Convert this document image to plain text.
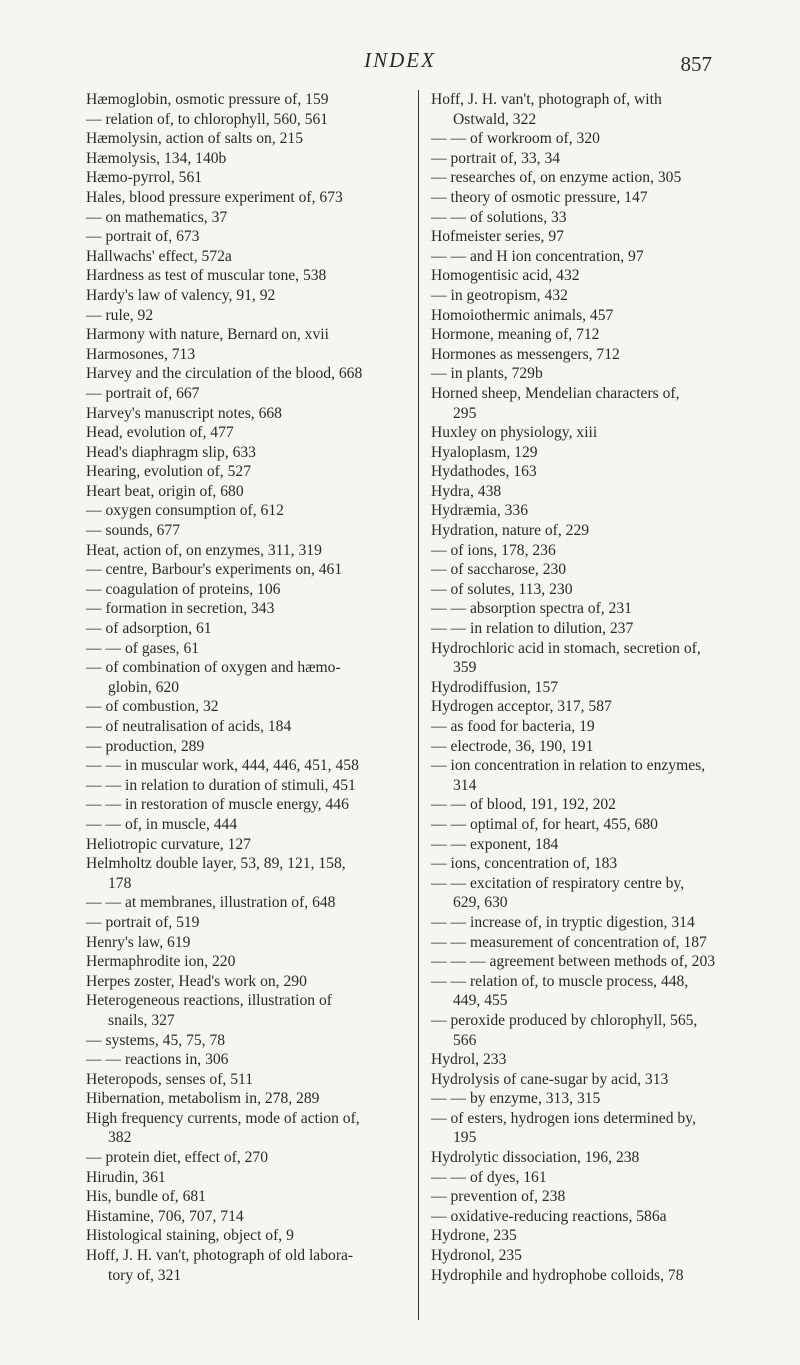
INDEX	857

Hæmoglobin, osmotic pressure of, 159

— relation of, to chlorophyll, 560, 561

Hæmolysin, action of salts on, 215

Hæmolysis, 134, 140b

Hæmo-pyrrol, 561

Hales, blood pressure experiment of, 673

— on mathematics, 37

— portrait of, 673

Hallwachs' effect, 572a

Hardness as test of muscular tone, 538

Hardy's law of valency, 91, 92

— rule, 92

Harmony with nature, Bernard on, xvii

Harmosones, 713

Harvey and the circulation of the blood, 668

— portrait of, 667

Harvey's manuscript notes, 668

Head, evolution of, 477

Head's diaphragm slip, 633

Hearing, evolution of, 527

Heart beat, origin of, 680

— oxygen consumption of, 612

— sounds, 677

Heat, action of, on enzymes, 311, 319

— centre, Barbour's experiments on, 461

— coagulation of proteins, 106

— formation in secretion, 343

— of adsorption, 61

— — of gases, 61

— of combination of oxygen and hæmo-
globin, 620

— of combustion, 32

— of neutralisation of acids, 184

— production, 289

— — in muscular work, 444, 446, 451, 458

— — in relation to duration of stimuli, 451

— — in restoration of muscle energy, 446

— — of, in muscle, 444

Heliotropic curvature, 127

Helmholtz double layer, 53, 89, 121, 158,
178

— — at membranes, illustration of, 648

— portrait of, 519

Henry's law, 619

Hermaphrodite ion, 220

Herpes zoster, Head's work on, 290

Heterogeneous reactions, illustration of
snails, 327

— systems, 45, 75, 78

— — reactions in, 306

Heteropods, senses of, 511

Hibernation, metabolism in, 278, 289

High frequency currents, mode of action of,
382

— protein diet, effect of, 270

Hirudin, 361

His, bundle of, 681

Histamine, 706, 707, 714

Histological staining, object of, 9

Hoff, J. H. van't, photograph of old labora-
tory of, 321

Hoff, J. H. van't, photograph of, with
Ostwald, 322

— — of workroom of, 320

— portrait of, 33, 34

— researches of, on enzyme action, 305

— theory of osmotic pressure, 147

— — of solutions, 33

Hofmeister series, 97

— — and H ion concentration, 97

Homogentisic acid, 432

— in geotropism, 432

Homoiothermic animals, 457

Hormone, meaning of, 712

Hormones as messengers, 712

— in plants, 729b

Horned sheep, Mendelian characters of,
295

Huxley on physiology, xiii

Hyaloplasm, 129

Hydathodes, 163

Hydra, 438

Hydræmia, 336

Hydration, nature of, 229

— of ions, 178, 236

— of saccharose, 230

— of solutes, 113, 230

— — absorption spectra of, 231

— — in relation to dilution, 237

Hydrochloric acid in stomach, secretion of,
359

Hydrodiffusion, 157

Hydrogen acceptor, 317, 587

— as food for bacteria, 19

— electrode, 36, 190, 191

— ion concentration in relation to enzymes,
314

— — of blood, 191, 192, 202

— — optimal of, for heart, 455, 680

— — exponent, 184

— ions, concentration of, 183

— — excitation of respiratory centre by,
629, 630

— — increase of, in tryptic digestion, 314

— — measurement of concentration of, 187

— — — agreement between methods of, 203

— — relation of, to muscle process, 448,
449, 455

— peroxide produced by chlorophyll, 565,
566

Hydrol, 233

Hydrolysis of cane-sugar by acid, 313

— — by enzyme, 313, 315

— of esters, hydrogen ions determined by,
195

Hydrolytic dissociation, 196, 238

— — of dyes, 161

— prevention of, 238

— oxidative-reducing reactions, 586a

Hydrone, 235

Hydronol, 235

Hydrophile and hydrophobe colloids, 78
